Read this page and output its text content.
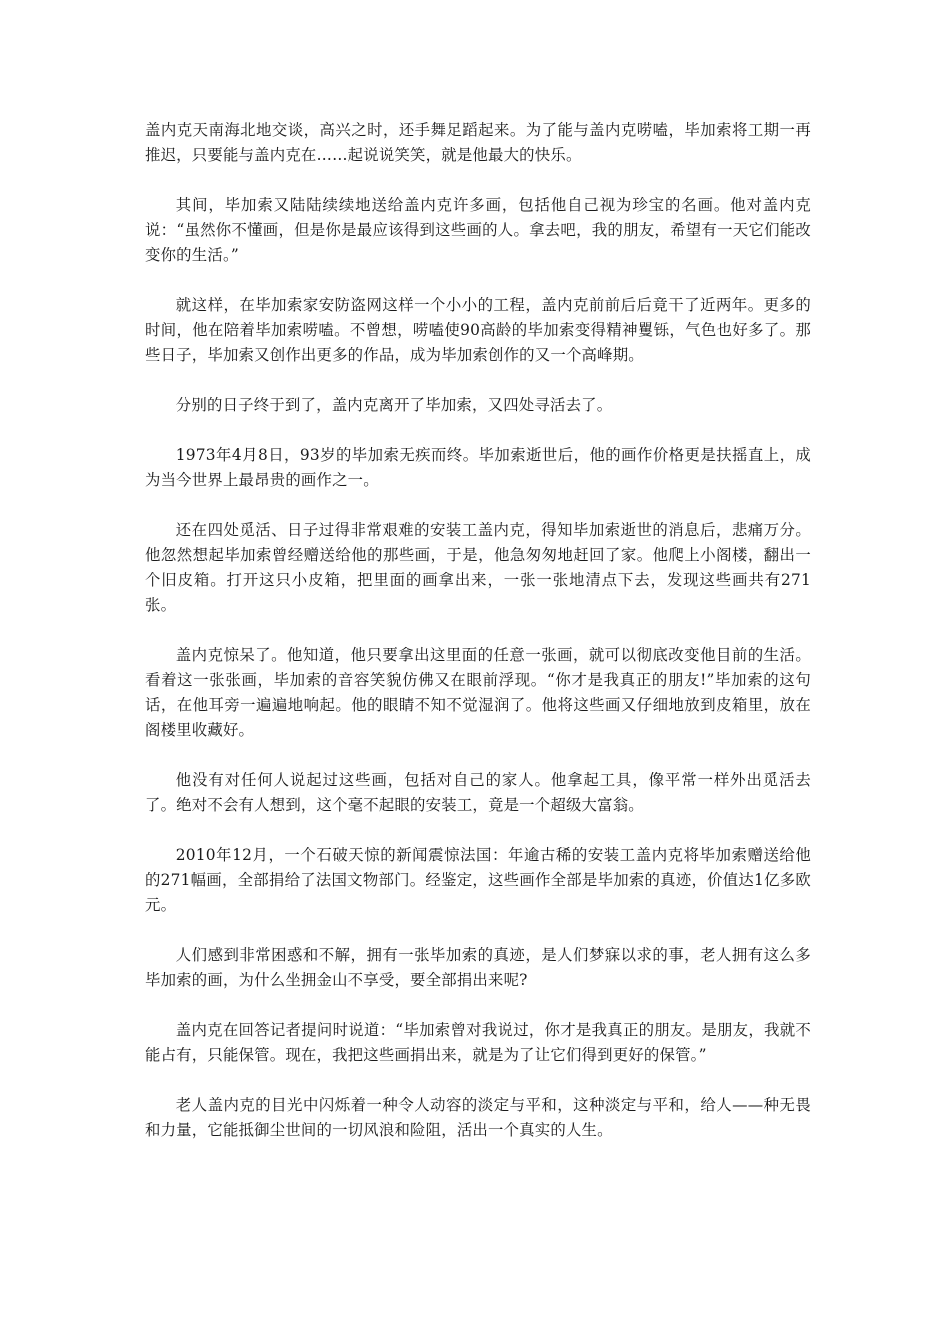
盖内克天南海北地交谈，高兴之时，还手舞足蹈起来。为了能与盖内克唠嗑，毕加索将工期一再推迟，只要能与盖内克在……起说说笑笑，就是他最大的快乐。

其间，毕加索又陆陆续续地送给盖内克许多画，包括他自己视为珍宝的名画。他对盖内克说：“虽然你不懂画，但是你是最应该得到这些画的人。拿去吧，我的朋友，希望有一天它们能改变你的生活。”

就这样，在毕加索家安防盗网这样一个小小的工程，盖内克前前后后竟干了近两年。更多的时间，他在陪着毕加索唠嗑。不曾想，唠嗑使90高龄的毕加索变得精神矍铄，气色也好多了。那些日子，毕加索又创作出更多的作品，成为毕加索创作的又一个高峰期。

分别的日子终于到了，盖内克离开了毕加索，又四处寻活去了。

1973年4月8日，93岁的毕加索无疾而终。毕加索逝世后，他的画作价格更是扶摇直上，成为当今世界上最昂贵的画作之一。

还在四处觅活、日子过得非常艰难的安装工盖内克，得知毕加索逝世的消息后，悲痛万分。他忽然想起毕加索曾经赠送给他的那些画，于是，他急匆匆地赶回了家。他爬上小阁楼，翻出一个旧皮箱。打开这只小皮箱，把里面的画拿出来，一张一张地清点下去，发现这些画共有271张。

盖内克惊呆了。他知道，他只要拿出这里面的任意一张画，就可以彻底改变他目前的生活。看着这一张张画，毕加索的音容笑貌仿佛又在眼前浮现。“你才是我真正的朋友!”毕加索的这句话，在他耳旁一遍遍地响起。他的眼睛不知不觉湿润了。他将这些画又仔细地放到皮箱里，放在阁楼里收藏好。

他没有对任何人说起过这些画，包括对自己的家人。他拿起工具，像平常一样外出觅活去了。绝对不会有人想到，这个毫不起眼的安装工，竟是一个超级大富翁。

2010年12月，一个石破天惊的新闻震惊法国：年逾古稀的安装工盖内克将毕加索赠送给他的271幅画，全部捐给了法国文物部门。经鉴定，这些画作全部是毕加索的真迹，价值达1亿多欧元。

人们感到非常困惑和不解，拥有一张毕加索的真迹，是人们梦寐以求的事，老人拥有这么多毕加索的画，为什么坐拥金山不享受，要全部捐出来呢?

盖内克在回答记者提问时说道：“毕加索曾对我说过，你才是我真正的朋友。是朋友，我就不能占有，只能保管。现在，我把这些画捐出来，就是为了让它们得到更好的保管。”

老人盖内克的目光中闪烁着一种令人动容的淡定与平和，这种淡定与平和，给人——种无畏和力量，它能抵御尘世间的一切风浪和险阻，活出一个真实的人生。
